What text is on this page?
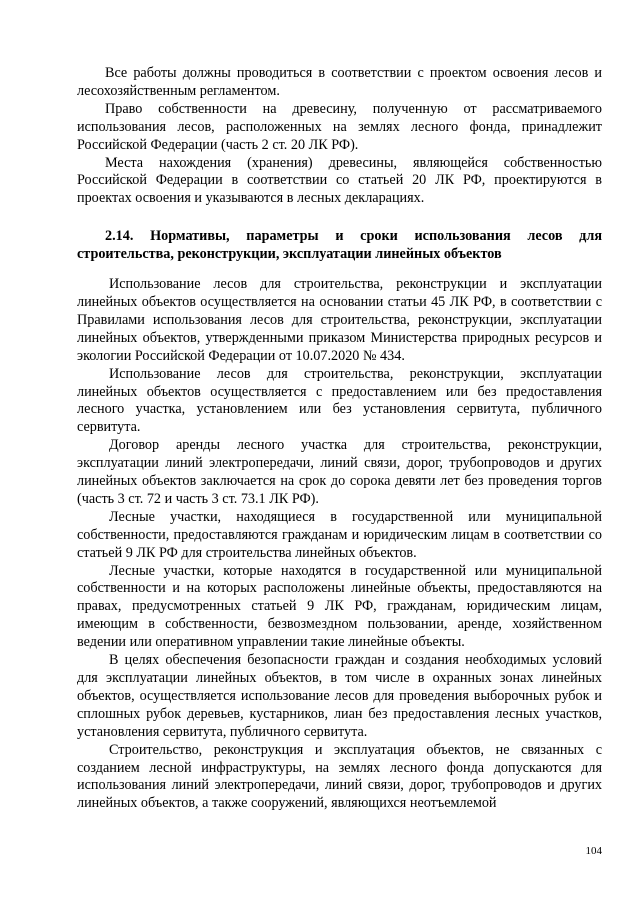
Все работы должны проводиться в соответствии с проектом освоения лесов и лесохозяйственным регламентом.

Право собственности на древесину, полученную от рассматриваемого использования лесов, расположенных на землях лесного фонда, принадлежит Российской Федерации (часть 2 ст. 20 ЛК РФ).

Места нахождения (хранения) древесины, являющейся собственностью Российской Федерации в соответствии со статьей 20 ЛК РФ, проектируются в проектах освоения и указываются в лесных декларациях.

2.14. Нормативы, параметры и сроки использования лесов для строительства, реконструкции, эксплуатации линейных объектов

Использование лесов для строительства, реконструкции и эксплуатации линейных объектов осуществляется на основании статьи 45 ЛК РФ, в соответствии с Правилами использования лесов для строительства, реконструкции, эксплуатации линейных объектов, утвержденными приказом Министерства природных ресурсов и экологии Российской Федерации от 10.07.2020 № 434.

Использование лесов для строительства, реконструкции, эксплуатации линейных объектов осуществляется с предоставлением или без предоставления лесного участка, установлением или без установления сервитута, публичного сервитута.

Договор аренды лесного участка для строительства, реконструкции, эксплуатации линий электропередачи, линий связи, дорог, трубопроводов и других линейных объектов заключается на срок до сорока девяти лет без проведения торгов (часть 3 ст. 72 и часть 3 ст. 73.1 ЛК РФ).

Лесные участки, находящиеся в государственной или муниципальной собственности, предоставляются гражданам и юридическим лицам в соответствии со статьей 9 ЛК РФ для строительства линейных объектов.

Лесные участки, которые находятся в государственной или муниципальной собственности и на которых расположены линейные объекты, предоставляются на правах, предусмотренных статьей 9 ЛК РФ, гражданам, юридическим лицам, имеющим в собственности, безвозмездном пользовании, аренде, хозяйственном ведении или оперативном управлении такие линейные объекты.

В целях обеспечения безопасности граждан и создания необходимых условий для эксплуатации линейных объектов, в том числе в охранных зонах линейных объектов, осуществляется использование лесов для проведения выборочных рубок и сплошных рубок деревьев, кустарников, лиан без предоставления лесных участков, установления сервитута, публичного сервитута.

Строительство, реконструкция и эксплуатация объектов, не связанных с созданием лесной инфраструктуры, на землях лесного фонда допускаются для использования линий электропередачи, линий связи, дорог, трубопроводов и других линейных объектов, а также сооружений, являющихся неотъемлемой

104
